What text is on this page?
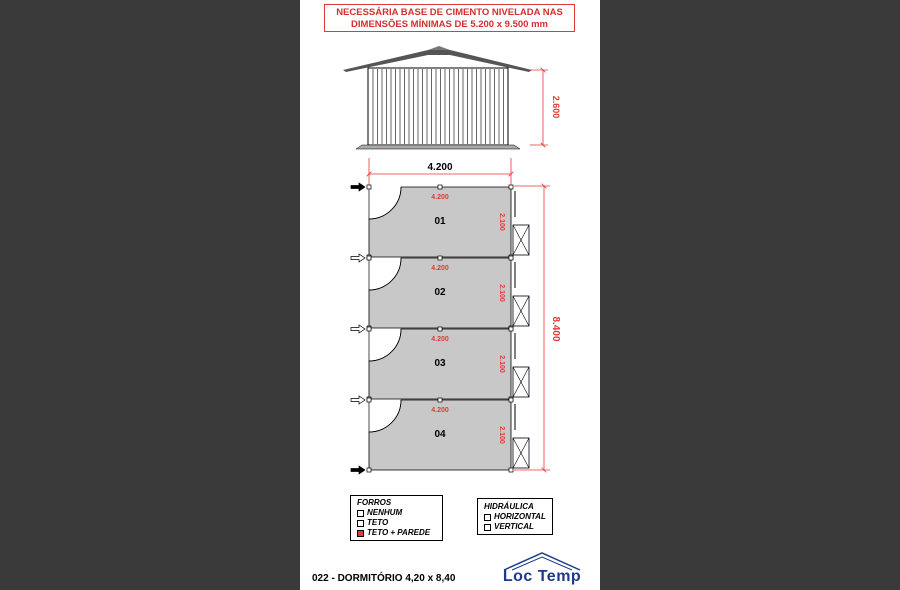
NECESSÁRIA BASE DE CIMENTO NIVELADA NAS
DIMENSÕES MÍNIMAS DE 5.200 x 9.500 mm
2.600
4.200
8.400
4.200
01	2.100
4.200
02	2.100
4.200
03	2.100
4.200
04	2.100
FORROS
NENHUM
TETO
TETO + PAREDE
HIDRÁULICA
HORIZONTAL
VERTICAL
022 - DORMITÓRIO 4,20 x 8,40	Loc Temp
